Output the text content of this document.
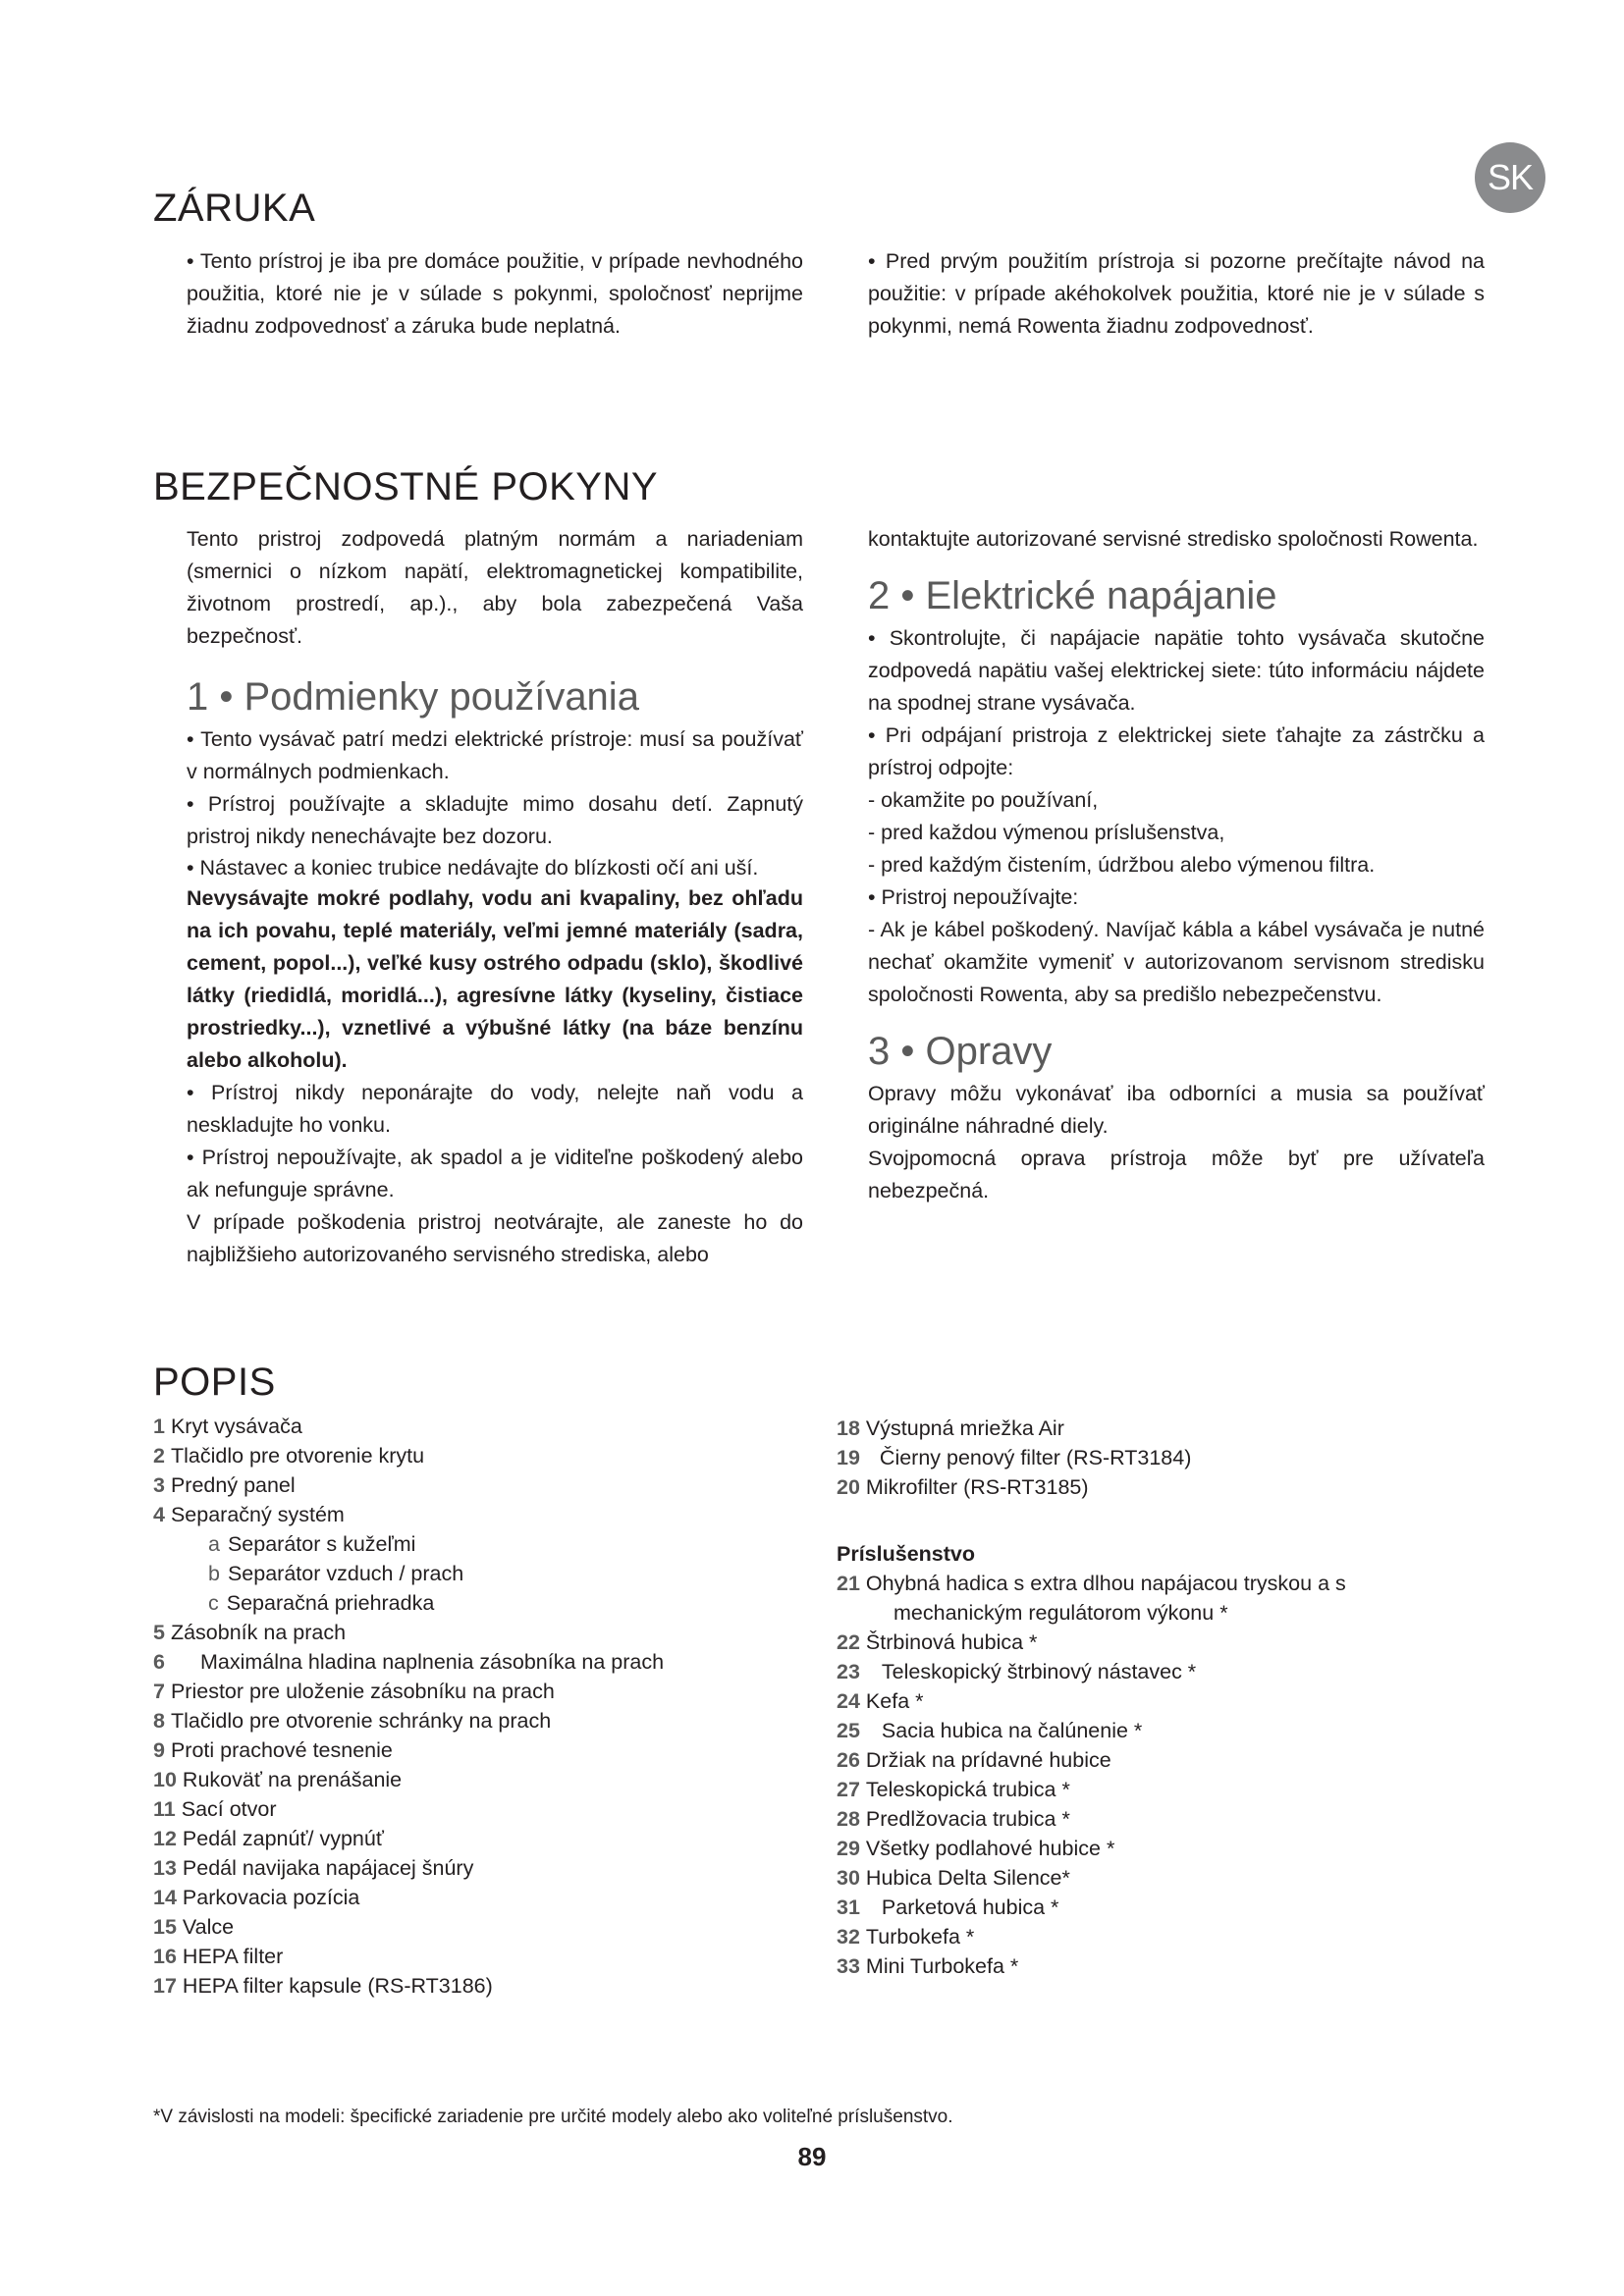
SK
ZÁRUKA

• Tento prístroj je iba pre domáce použitie, v prípade nevhodného použitia, ktoré nie je v súlade s pokynmi, spoločnosť neprijme žiadnu zodpovednosť a záruka bude neplatná.

• Pred prvým použitím prístroja si pozorne prečítajte návod na použitie: v prípade akéhokolvek použitia, ktoré nie je v súlade s pokynmi, nemá Rowenta žiadnu zodpovednosť.

BEZPEČNOSTNÉ POKYNY

Tento pristroj zodpovedá platným normám a nariadeniam (smernici o nízkom napätí, elektromagnetickej kompatibilite, životnom prostredí, ap.)., aby bola zabezpečená Vaša bezpečnosť.

1 • Podmienky používania

• Tento vysávač patrí medzi elektrické prístroje: musí sa používať v normálnych podmienkach.

• Prístroj používajte a skladujte mimo dosahu detí. Zapnutý pristroj nikdy nenechávajte bez dozoru.

• Nástavec a koniec trubice nedávajte do blízkosti očí ani uší.

Nevysávajte mokré podlahy, vodu ani kvapaliny, bez ohľadu na ich povahu, teplé materiály, veľmi jemné materiály (sadra, cement, popol...), veľké kusy ostrého odpadu (sklo), škodlivé látky (riedidlá, moridlá...), agresívne látky (kyseliny, čistiace prostriedky...), vznetlivé a výbušné látky (na báze benzínu alebo alkoholu).

• Prístroj nikdy neponárajte do vody, nelejte naň vodu a neskladujte ho vonku.

• Prístroj nepoužívajte, ak spadol a je viditeľne poškodený alebo ak nefunguje správne.

V prípade poškodenia pristroj neotvárajte, ale zaneste ho do najbližšieho autorizovaného servisného strediska, alebo

kontaktujte autorizované servisné stredisko spoločnosti Rowenta.

2 • Elektrické napájanie

• Skontrolujte, či napájacie napätie tohto vysávača skutočne zodpovedá napätiu vašej elektrickej siete: túto informáciu nájdete na spodnej strane vysávača.

• Pri odpájaní pristroja z elektrickej siete ťahajte za zástrčku a prístroj odpojte:

- okamžite po používaní,

- pred každou výmenou príslušenstva,

- pred každým čistením, údržbou alebo výmenou filtra.

• Pristroj nepoužívajte:

- Ak je kábel poškodený. Navíjač kábla a kábel vysávača je nutné nechať okamžite vymeniť v autorizovanom servisnom stredisku spoločnosti Rowenta, aby sa predišlo nebezpečenstvu.

3 • Opravy

Opravy môžu vykonávať iba odborníci a musia sa používať originálne náhradné diely.

Svojpomocná oprava prístroja môže byť pre užívateľa nebezpečná.

POPIS
1 Kryt vysávača
2 Tlačidlo pre otvorenie krytu
3 Predný panel
4 Separačný systém
a Separátor s kužeľmi
b Separátor vzduch / prach
c Separačná priehradka
5 Zásobník na prach
6 Maximálna hladina naplnenia zásobníka na prach
7 Priestor pre uloženie zásobníku na prach
8 Tlačidlo pre otvorenie schránky na prach
9 Proti prachové tesnenie
10 Rukoväť na prenášanie
11 Sací otvor
12 Pedál zapnúť/ vypnúť
13 Pedál navijaka napájacej šnúry
14 Parkovacia pozícia
15 Valce
16 HEPA filter
17 HEPA filter kapsule (RS-RT3186)
18 Výstupná mriežka Air
19 Čierny penový filter (RS-RT3184)
20 Mikrofilter (RS-RT3185)
Príslušenstvo
21 Ohybná hadica s extra dlhou napájacou tryskou a s
mechanickým regulátorom výkonu *
22 Štrbinová hubica *
23 Teleskopický štrbinový nástavec *
24 Kefa *
25 Sacia hubica na čalúnenie *
26 Držiak na prídavné hubice
27 Teleskopická trubica *
28 Predlžovacia trubica *
29 Všetky podlahové hubice *
30 Hubica Delta Silence*
31 Parketová hubica *
32 Turbokefa *
33 Mini Turbokefa *
*V závislosti na modeli: špecifické zariadenie pre určité modely alebo ako voliteľné príslušenstvo.
89
